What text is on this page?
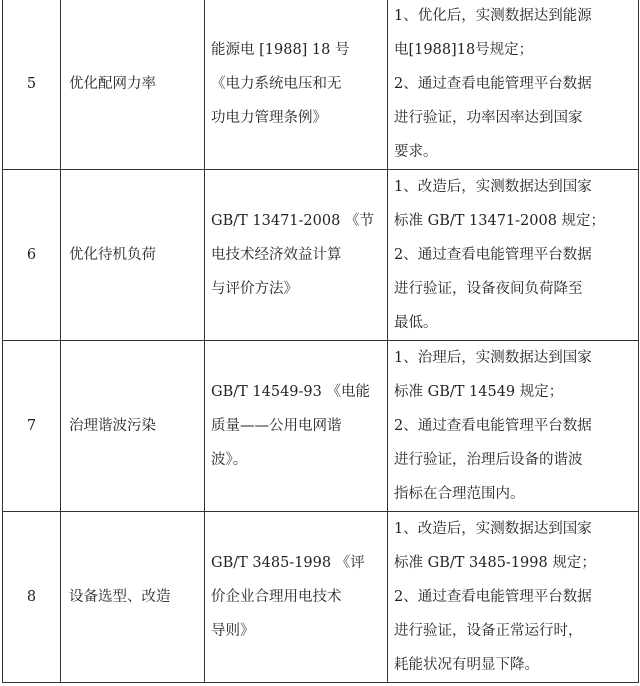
5	优化配网力率	能源电 [1988] 18 号
《电力系统电压和无
功电力管理条例》	1、优化后，实测数据达到能源
电[1988]18号规定；
2、通过查看电能管理平台数据
进行验证，功率因率达到国家
要求。

6	优化待机负荷	GB/T 13471-2008 《节
电技术经济效益计算
与评价方法》	1、改造后，实测数据达到国家
标准 GB/T 13471-2008 规定；
2、通过查看电能管理平台数据
进行验证，设备夜间负荷降至
最低。

7	治理谐波污染	GB/T 14549-93 《电能
质量——公用电网谐
波》。	1、治理后，实测数据达到国家
标准 GB/T 14549 规定；
2、通过查看电能管理平台数据
进行验证，治理后设备的谐波
指标在合理范围内。

8	设备选型、改造	GB/T 3485-1998 《评
价企业合理用电技术
导则》	1、改造后，实测数据达到国家
标准 GB/T 3485-1998 规定；
2、通过查看电能管理平台数据
进行验证，设备正常运行时，
耗能状况有明显下降。
